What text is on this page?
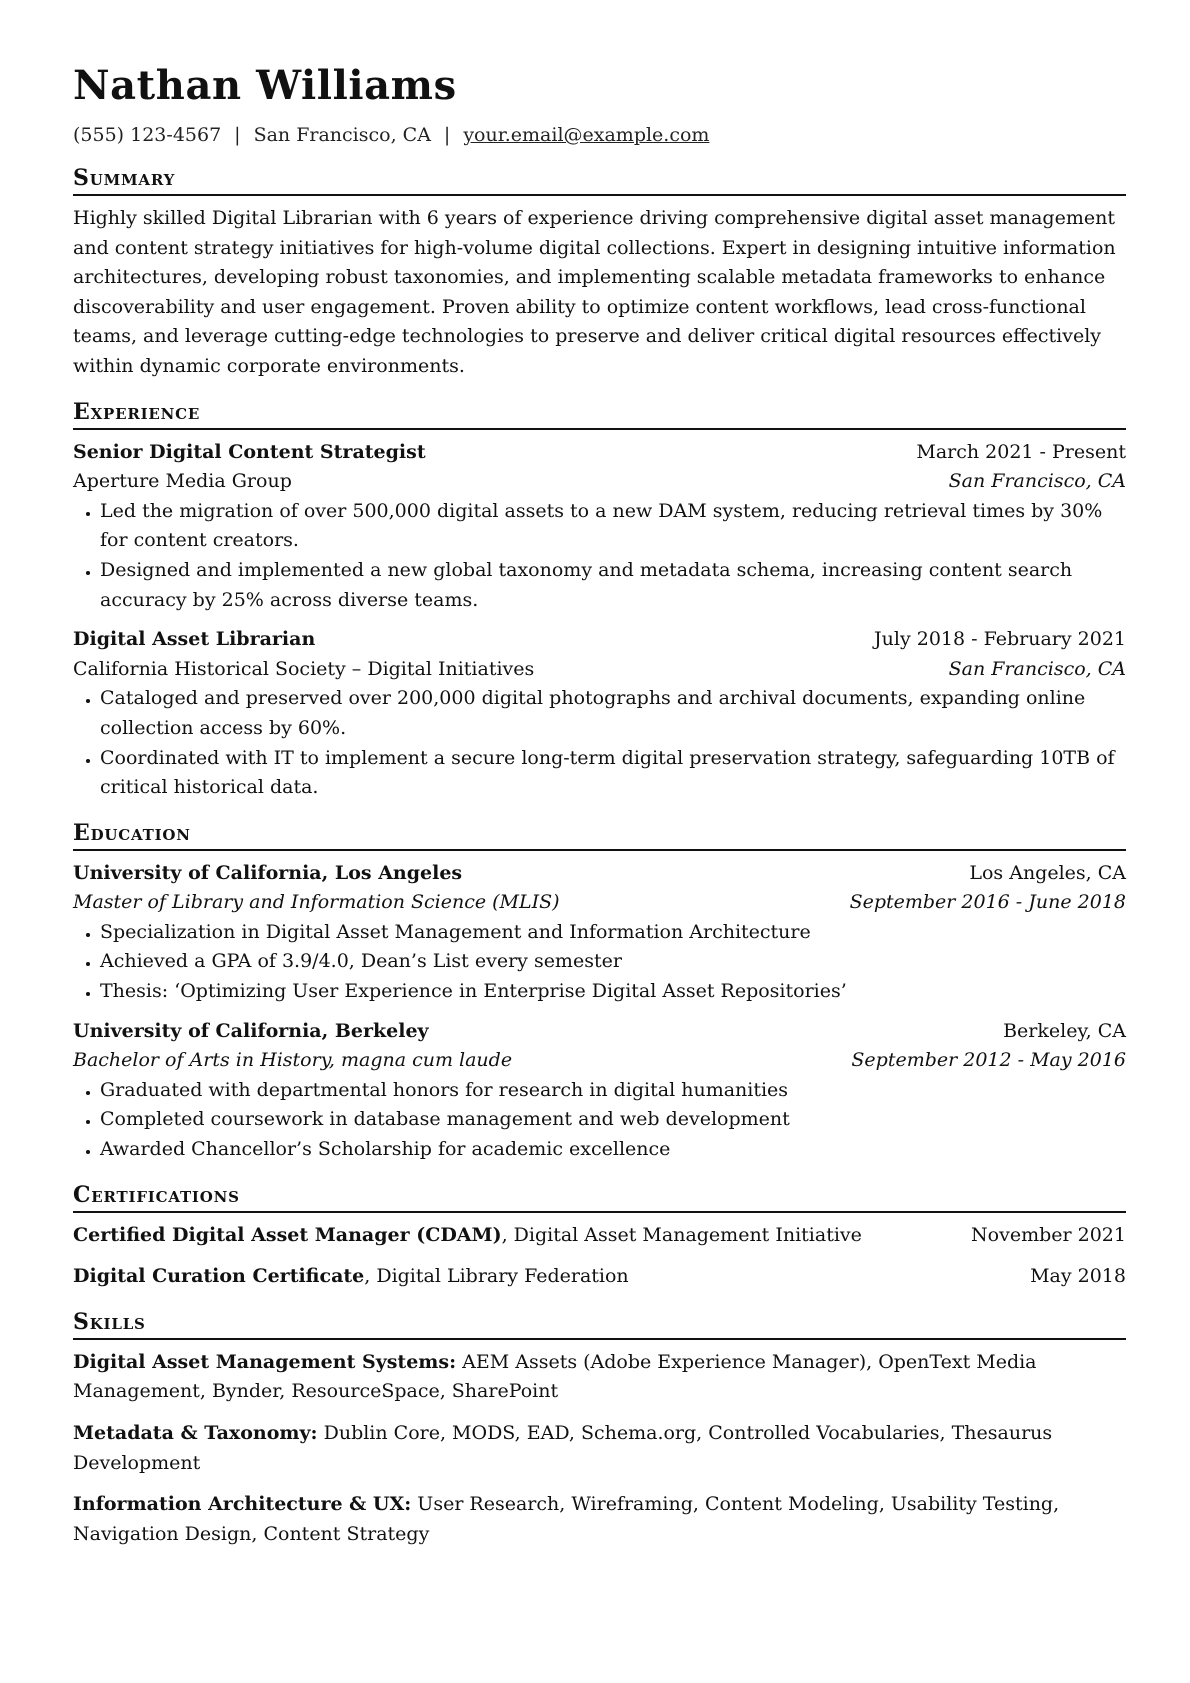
Nathan Williams
(555) 123-4567 | San Francisco, CA | your.email@example.com
Summary
Highly skilled Digital Librarian with 6 years of experience driving comprehensive digital asset management and content strategy initiatives for high-volume digital collections. Expert in designing intuitive information architectures, developing robust taxonomies, and implementing scalable metadata frameworks to enhance discoverability and user engagement. Proven ability to optimize content workflows, lead cross-functional teams, and leverage cutting-edge technologies to preserve and deliver critical digital resources effectively within dynamic corporate environments.
Experience
Senior Digital Content Strategist	March 2021 - Present
Aperture Media Group	San Francisco, CA
• Led the migration of over 500,000 digital assets to a new DAM system, reducing retrieval times by 30% for content creators.
• Designed and implemented a new global taxonomy and metadata schema, increasing content search accuracy by 25% across diverse teams.
Digital Asset Librarian	July 2018 - February 2021
California Historical Society – Digital Initiatives	San Francisco, CA
• Cataloged and preserved over 200,000 digital photographs and archival documents, expanding online collection access by 60%.
• Coordinated with IT to implement a secure long-term digital preservation strategy, safeguarding 10TB of critical historical data.
Education
University of California, Los Angeles	Los Angeles, CA
Master of Library and Information Science (MLIS)	September 2016 - June 2018
• Specialization in Digital Asset Management and Information Architecture
• Achieved a GPA of 3.9/4.0, Dean’s List every semester
• Thesis: ‘Optimizing User Experience in Enterprise Digital Asset Repositories’
University of California, Berkeley	Berkeley, CA
Bachelor of Arts in History, magna cum laude	September 2012 - May 2016
• Graduated with departmental honors for research in digital humanities
• Completed coursework in database management and web development
• Awarded Chancellor’s Scholarship for academic excellence
Certifications
Certified Digital Asset Manager (CDAM), Digital Asset Management Initiative	November 2021
Digital Curation Certificate, Digital Library Federation	May 2018
Skills
Digital Asset Management Systems: AEM Assets (Adobe Experience Manager), OpenText Media Management, Bynder, ResourceSpace, SharePoint
Metadata & Taxonomy: Dublin Core, MODS, EAD, Schema.org, Controlled Vocabularies, Thesaurus Development
Information Architecture & UX: User Research, Wireframing, Content Modeling, Usability Testing, Navigation Design, Content Strategy
